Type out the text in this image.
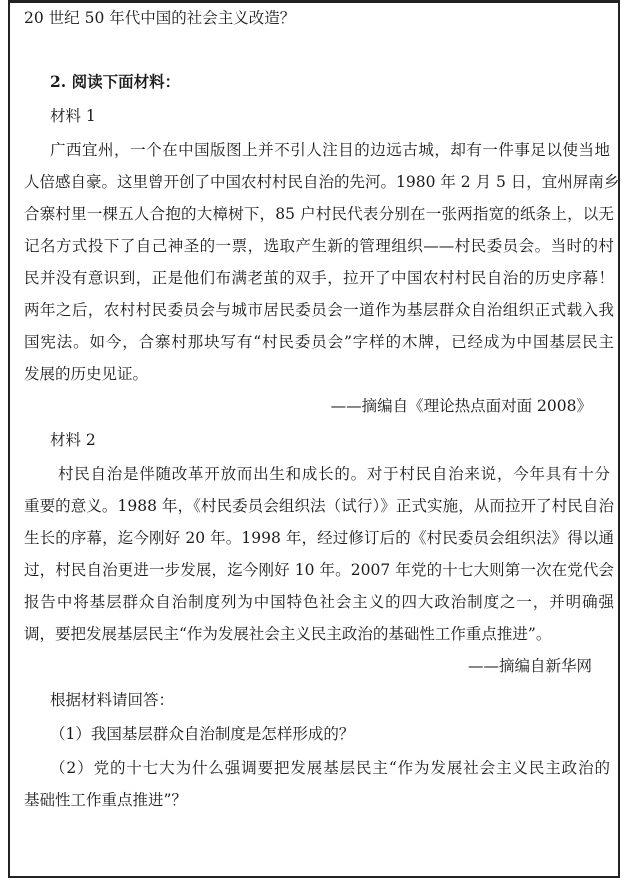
20 世纪 50 年代中国的社会主义改造？
2. 阅读下面材料：
材料 1
广西宜州，一个在中国版图上并不引人注目的边远古城，却有一件事足以使当地
人倍感自豪。这里曾开创了中国农村村民自治的先河。1980 年 2 月 5 日，宜州屏南乡
合寨村里一棵五人合抱的大樟树下，85 户村民代表分别在一张两指宽的纸条上，以无
记名方式投下了自己神圣的一票，选取产生新的管理组织——村民委员会。当时的村
民并没有意识到，正是他们布满老茧的双手，拉开了中国农村村民自治的历史序幕！
两年之后，农村村民委员会与城市居民委员会一道作为基层群众自治组织正式载入我
国宪法。如今，合寨村那块写有“村民委员会”字样的木牌，已经成为中国基层民主
发展的历史见证。
——摘编自《理论热点面对面 2008》
材料 2
村民自治是伴随改革开放而出生和成长的。对于村民自治来说，今年具有十分
重要的意义。1988 年，《村民委员会组织法（试行）》正式实施，从而拉开了村民自治
生长的序幕，迄今刚好 20 年。1998 年，经过修订后的《村民委员会组织法》得以通
过，村民自治更进一步发展，迄今刚好 10 年。2007 年党的十七大则第一次在党代会
报告中将基层群众自治制度列为中国特色社会主义的四大政治制度之一，并明确强
调，要把发展基层民主“作为发展社会主义民主政治的基础性工作重点推进”。
——摘编自新华网
根据材料请回答：
（1）我国基层群众自治制度是怎样形成的？
（2）党的十七大为什么强调要把发展基层民主“作为发展社会主义民主政治的
基础性工作重点推进”？
